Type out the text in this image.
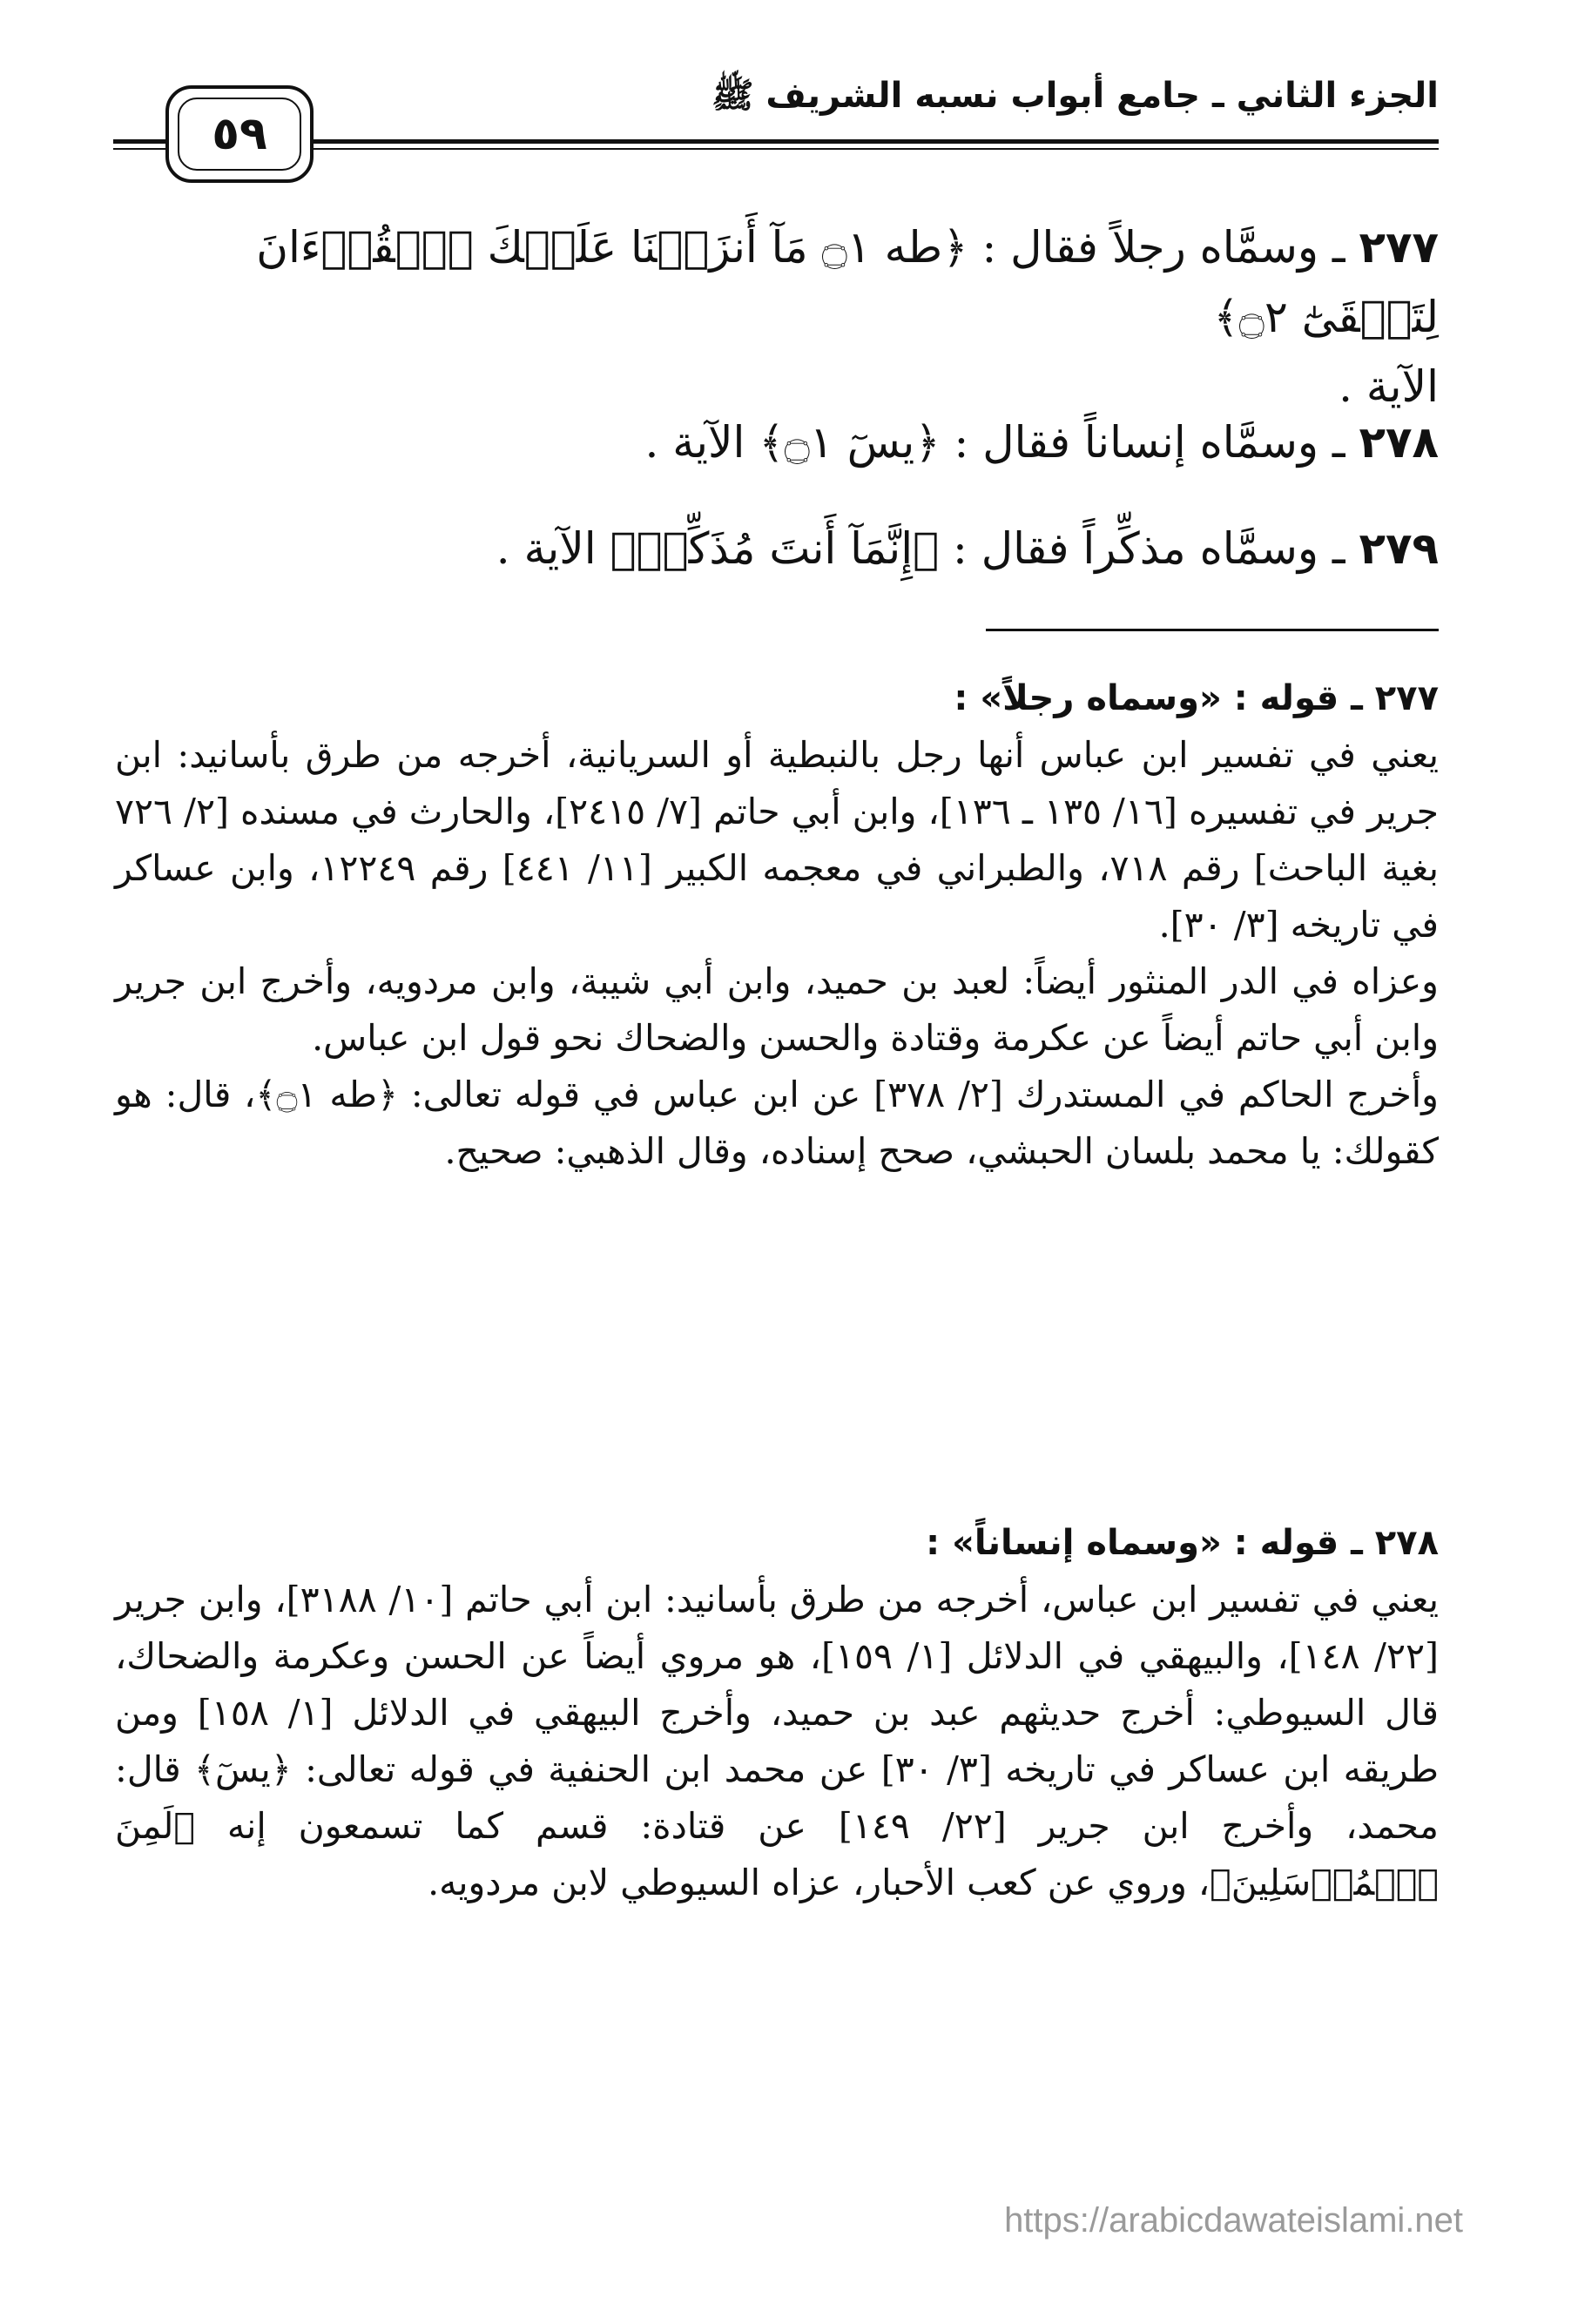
الجزء الثاني ـ جامع أبواب نسبه الشريف ﷺ
٥٩
٢٧٧ ـ وسمَّاه رجلاً فقال : ﴿طه ۝١ مَآ أَنزَلۡنَا عَلَيۡكَ ٱلۡقُرۡءَانَ لِتَشۡقَىٰٓ ۝٢﴾
الآية .
٢٧٨ ـ وسمَّاه إنساناً فقال : ﴿يسٓ ۝١﴾ الآية .
٢٧٩ ـ وسمَّاه مذكِّراً فقال : ﴿إِنَّمَآ أَنتَ مُذَكِّرٞ﴾ الآية .
٢٧٧ ـ قوله : «وسماه رجلاً» :

يعني في تفسير ابن عباس أنها رجل بالنبطية أو السريانية، أخرجه من طرق بأسانيد: ابن جرير في تفسيره [١٦/ ١٣٥ ـ ١٣٦]، وابن أبي حاتم [٧/ ٢٤١٥]، والحارث في مسنده [٢/ ٧٢٦ بغية الباحث] رقم ٧١٨، والطبراني في معجمه الكبير [١١/ ٤٤١] رقم ١٢٢٤٩، وابن عساكر في تاريخه [٣/ ٣٠].

وعزاه في الدر المنثور أيضاً: لعبد بن حميد، وابن أبي شيبة، وابن مردويه، وأخرج ابن جرير وابن أبي حاتم أيضاً عن عكرمة وقتادة والحسن والضحاك نحو قول ابن عباس.

وأخرج الحاكم في المستدرك [٢/ ٣٧٨] عن ابن عباس في قوله تعالى: ﴿طه ۝١﴾، قال: هو كقولك: يا محمد بلسان الحبشي، صحح إسناده، وقال الذهبي: صحيح.

٢٧٨ ـ قوله : «وسماه إنساناً» :

يعني في تفسير ابن عباس، أخرجه من طرق بأسانيد: ابن أبي حاتم [١٠/ ٣١٨٨]، وابن جرير [٢٢/ ١٤٨]، والبيهقي في الدلائل [١/ ١٥٩]، هو مروي أيضاً عن الحسن وعكرمة والضحاك، قال السيوطي: أخرج حديثهم عبد بن حميد، وأخرج البيهقي في الدلائل [١/ ١٥٨] ومن طريقه ابن عساكر في تاريخه [٣/ ٣٠] عن محمد ابن الحنفية في قوله تعالى: ﴿يسٓ﴾ قال: محمد، وأخرج ابن جرير [٢٢/ ١٤٩] عن قتادة: قسم كما تسمعون إنه ﴿لَمِنَ ٱلۡمُرۡسَلِينَ﴾، وروي عن كعب الأحبار، عزاه السيوطي لابن مردويه.

https://arabicdawateislami.net
